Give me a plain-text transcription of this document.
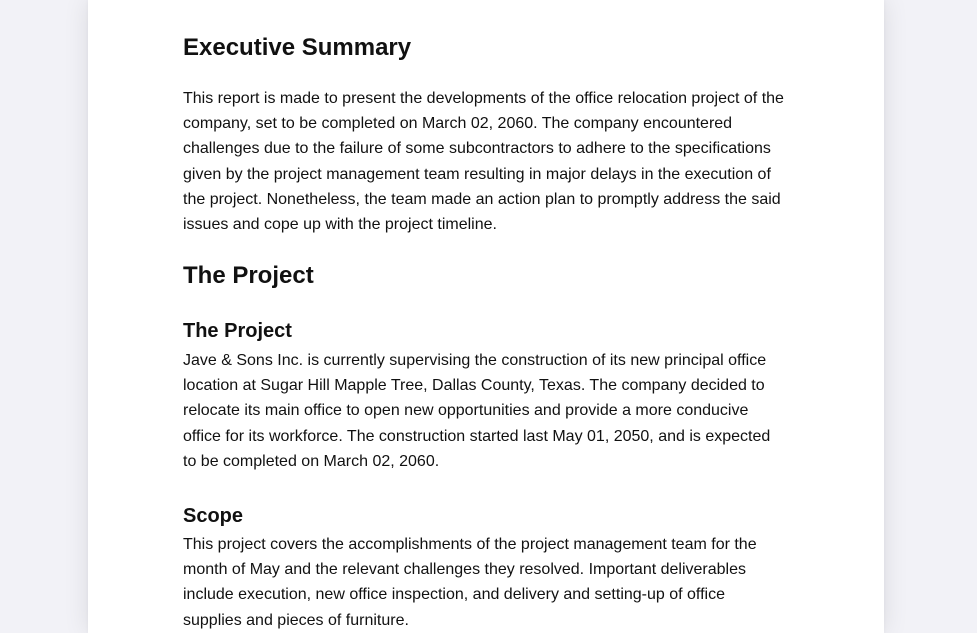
Executive Summary

This report is made to present the developments of the office relocation project of the company, set to be completed on March 02, 2060. The company encountered challenges due to the failure of some subcontractors to adhere to the specifications given by the project management team resulting in major delays in the execution of the project. Nonetheless, the team made an action plan to promptly address the said issues and cope up with the project timeline.

The Project
The Project

Jave & Sons Inc. is currently supervising the construction of its new principal office location at Sugar Hill Mapple Tree, Dallas County, Texas. The company decided to relocate its main office to open new opportunities and provide a more conducive office for its workforce. The construction started last May 01, 2050, and is expected to be completed on March 02, 2060.

Scope

This project covers the accomplishments of the project management team for the month of May and the relevant challenges they resolved. Important deliverables include execution, new office inspection, and delivery and setting-up of office supplies and pieces of furniture.
